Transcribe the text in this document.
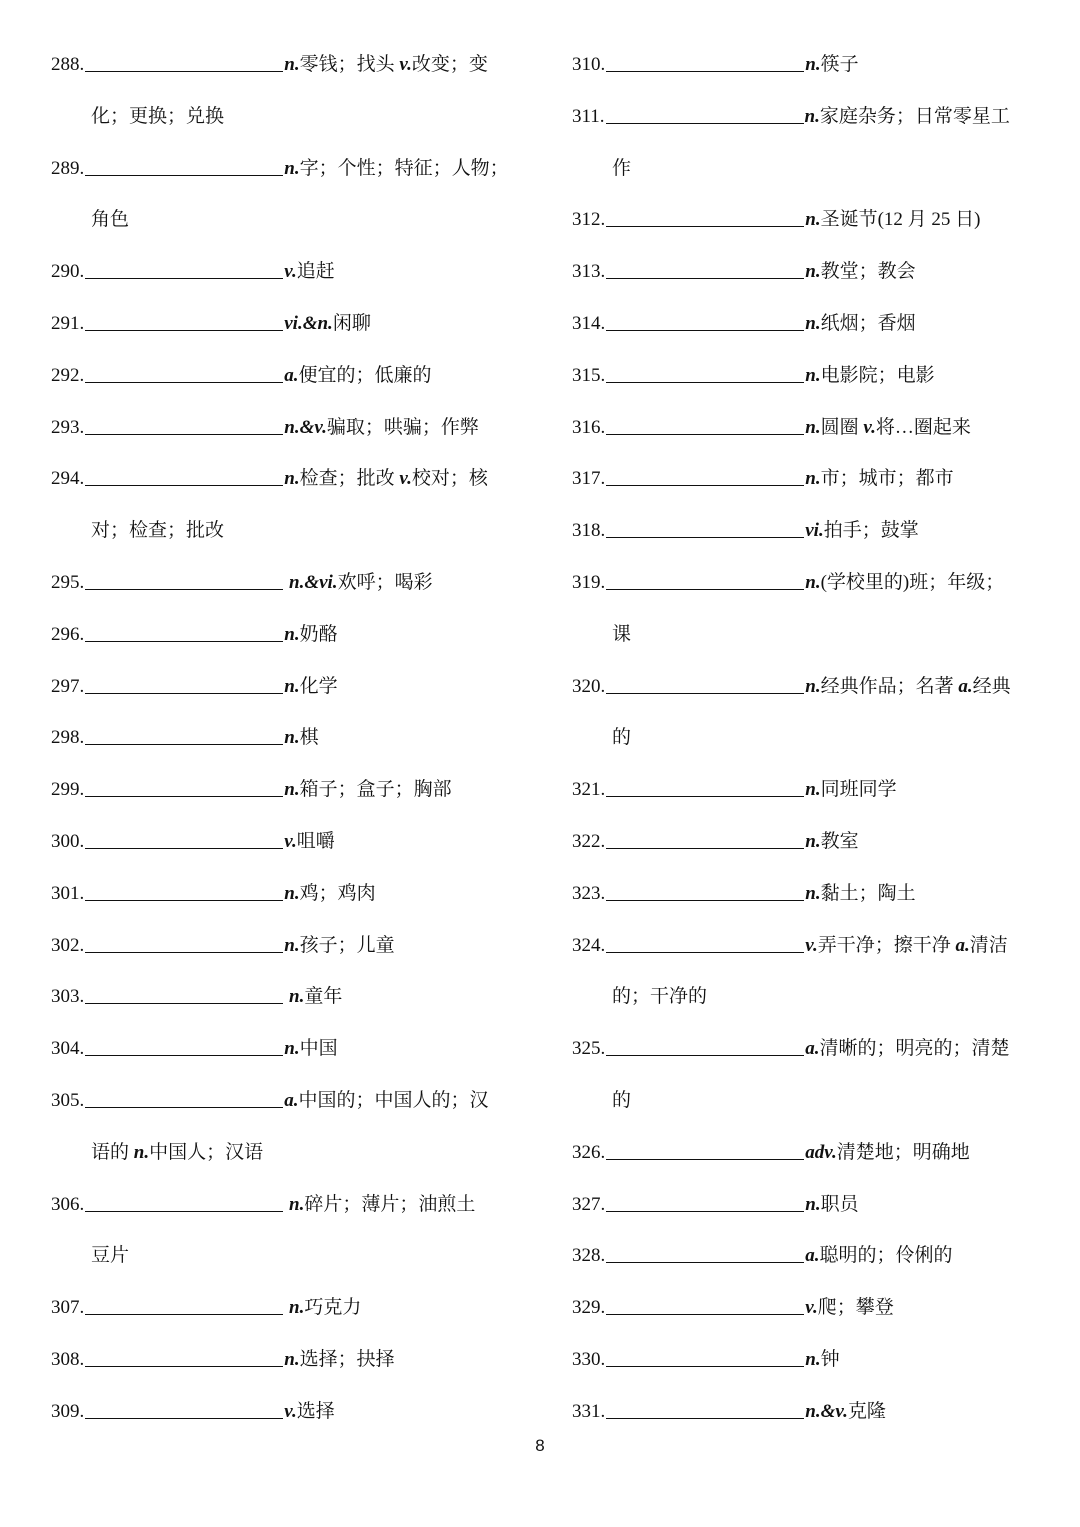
288.	n.零钱；找头 v.改变；变
化；更换；兑换
289.	n.字；个性；特征；人物；
角色
290.	v.追赶
291.	vi.&n.闲聊
292.	a.便宜的；低廉的
293.	n.&v.骗取；哄骗；作弊
294.	n.检查；批改 v.校对；核
对；检查；批改
295.	n.&vi.欢呼；喝彩
296.	n.奶酪
297.	n.化学
298.	n.棋
299.	n.箱子；盒子；胸部
300.	v.咀嚼
301.	n.鸡；鸡肉
302.	n.孩子；儿童
303.	n.童年
304.	n.中国
305.	a.中国的；中国人的；汉
语的 n.中国人；汉语
306.	n.碎片；薄片；油煎土
豆片
307.	n.巧克力
308.	n.选择；抉择
309.	v.选择
310.	n.筷子
311.	n.家庭杂务；日常零星工
作
312.	n.圣诞节(12 月 25 日)
313.	n.教堂；教会
314.	n.纸烟；香烟
315.	n.电影院；电影
316.	n.圆圈 v.将…圈起来
317.	n.市；城市；都市
318.	vi.拍手；鼓掌
319.	n.(学校里的)班；年级；
课
320.	n.经典作品；名著 a.经典
的
321.	n.同班同学
322.	n.教室
323.	n.黏土；陶土
324.	v.弄干净；擦干净 a.清洁
的；干净的
325.	a.清晰的；明亮的；清楚
的
326.	adv.清楚地；明确地
327.	n.职员
328.	a.聪明的；伶俐的
329.	v.爬；攀登
330.	n.钟
331.	n.&v.克隆
8
